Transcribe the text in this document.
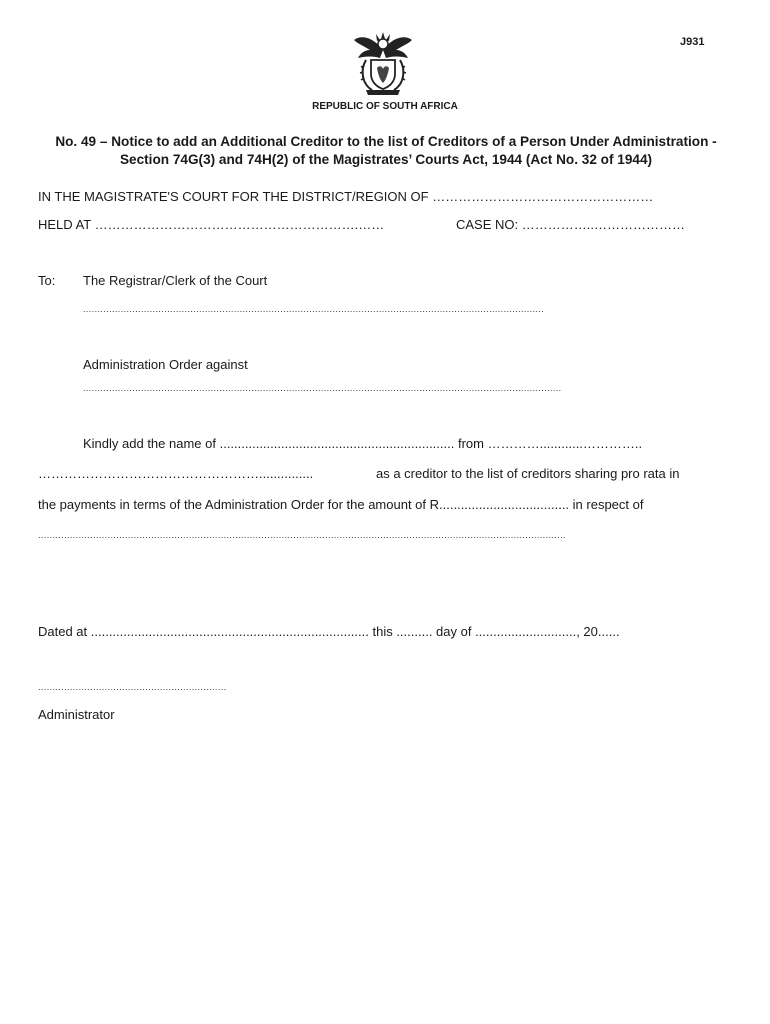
J931
REPUBLIC OF SOUTH AFRICA
No. 49 – Notice to add an Additional Creditor to the list of Creditors of a Person Under Administration -
Section 74G(3) and 74H(2) of the Magistrates’ Courts Act, 1944 (Act No. 32 of 1944)
IN THE MAGISTRATE'S COURT FOR THE DISTRICT/REGION OF ……………………………………………
HELD AT …………………………………………………….……	CASE NO: ……………..…………………
To: The Registrar/Clerk of the Court
...............................................................................................................................................................
Administration Order against
.....................................................................................................................................................................
Kindly add the name of ................................................................. from …………............…………..
……………………………………………...............	as a creditor to the list of creditors sharing pro rata in
the payments in terms of the Administration Order for the amount of R.................................... in respect of
......................................................................................................................................................................................
Dated at ............................................................................. this .......... day of ............................, 20......
.................................................................
Administrator
